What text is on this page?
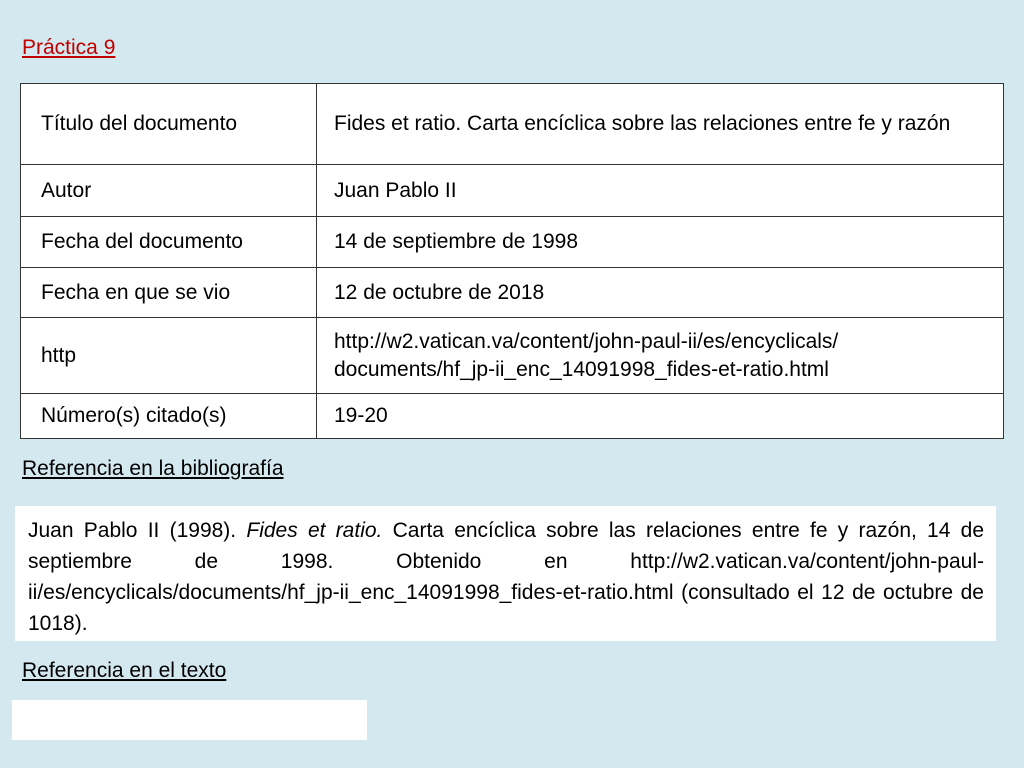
Práctica 9
Título del documento	Fides et ratio. Carta encíclica sobre las relaciones entre fe y razón
Autor	Juan Pablo II
Fecha del documento	14 de septiembre de 1998
Fecha en que se vio	12 de octubre de 2018
http	http://w2.vatican.va/content/john-paul-ii/es/encyclicals/
documents/hf_jp-ii_enc_14091998_fides-et-ratio.html
Número(s) citado(s)	19-20
Referencia en la bibliografía
Juan Pablo II (1998). Fides et ratio. Carta encíclica sobre las relaciones entre fe y razón, 14 de septiembre de 1998. Obtenido en http://w2.vatican.va/content/john-paul-ii/es/encyclicals/documents/hf_jp-ii_enc_14091998_fides-et-ratio.html (consultado el 12 de octubre de 1018).
Referencia en el texto
